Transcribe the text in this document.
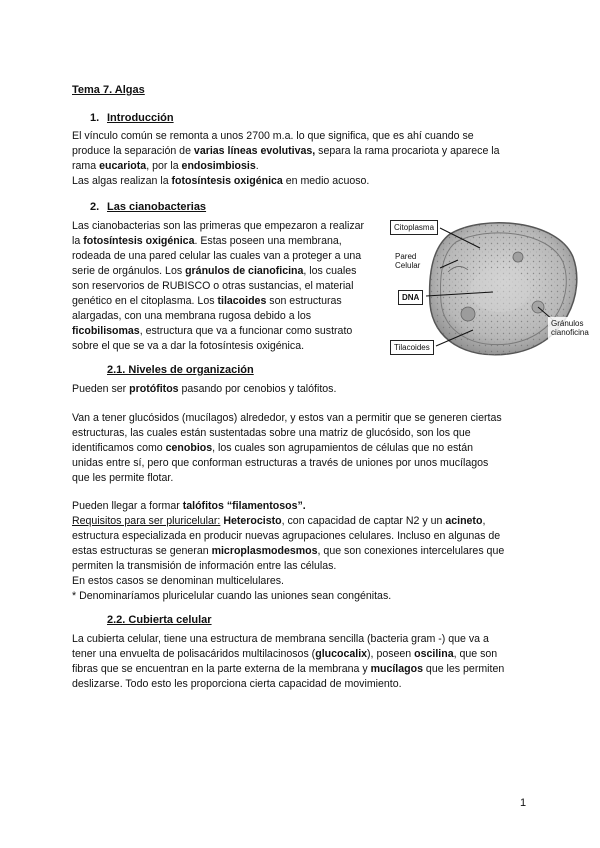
Tema 7. Algas
1. Introducción
El vínculo común se remonta a unos 2700 m.a. lo que significa, que es ahí cuando se
produce la separación de varias líneas evolutivas, separa la rama procariota y aparece la
rama eucariota, por la endosimbiosis.
Las algas realizan la fotosíntesis oxigénica en medio acuoso.
2. Las cianobacterias
Las cianobacterias son las primeras que empezaron a realizar
la fotosíntesis oxigénica. Estas poseen una membrana,
rodeada de una pared celular las cuales van a proteger a una
serie de orgánulos. Los gránulos de cianoficina, los cuales
son reservorios de RUBISCO o otras sustancias, el material
genético en el citoplasma. Los tilacoides son estructuras
alargadas, con una membrana rugosa debido a los
ficobilisomas, estructura que va a funcionar como sustrato
sobre el que se va a dar la fotosíntesis oxigénica.
Citoplasma
Pared
Celular
DNA
Gránulos
cianoficina
Tilacoides
2.1. Niveles de organización
Pueden ser protófitos pasando por cenobios y talófitos.
Van a tener glucósidos (mucílagos) alrededor, y estos van a permitir que se generen ciertas
estructuras, las cuales están sustentadas sobre una matriz de glucósido, son los que
identificamos como cenobios, los cuales son agrupamientos de células que no están
unidas entre sí, pero que conforman estructuras a través de uniones por unos mucílagos
que les permite flotar.
Pueden llegar a formar talófitos “filamentosos”.
Requisitos para ser pluricelular: Heterocisto, con capacidad de captar N2 y un acineto,
estructura especializada en producir nuevas agrupaciones celulares. Incluso en algunas de
estas estructuras se generan microplasmodesmos, que son conexiones intercelulares que
permiten la transmisión de información entre las células.
En estos casos se denominan multicelulares.
* Denominaríamos pluricelular cuando las uniones sean congénitas.
2.2. Cubierta celular
La cubierta celular, tiene una estructura de membrana sencilla (bacteria gram -) que va a
tener una envuelta de polisacáridos multilacinosos (glucocalix), poseen oscilina, que son
fibras que se encuentran en la parte externa de la membrana y mucílagos que les permiten
deslizarse. Todo esto les proporciona cierta capacidad de movimiento.
1
